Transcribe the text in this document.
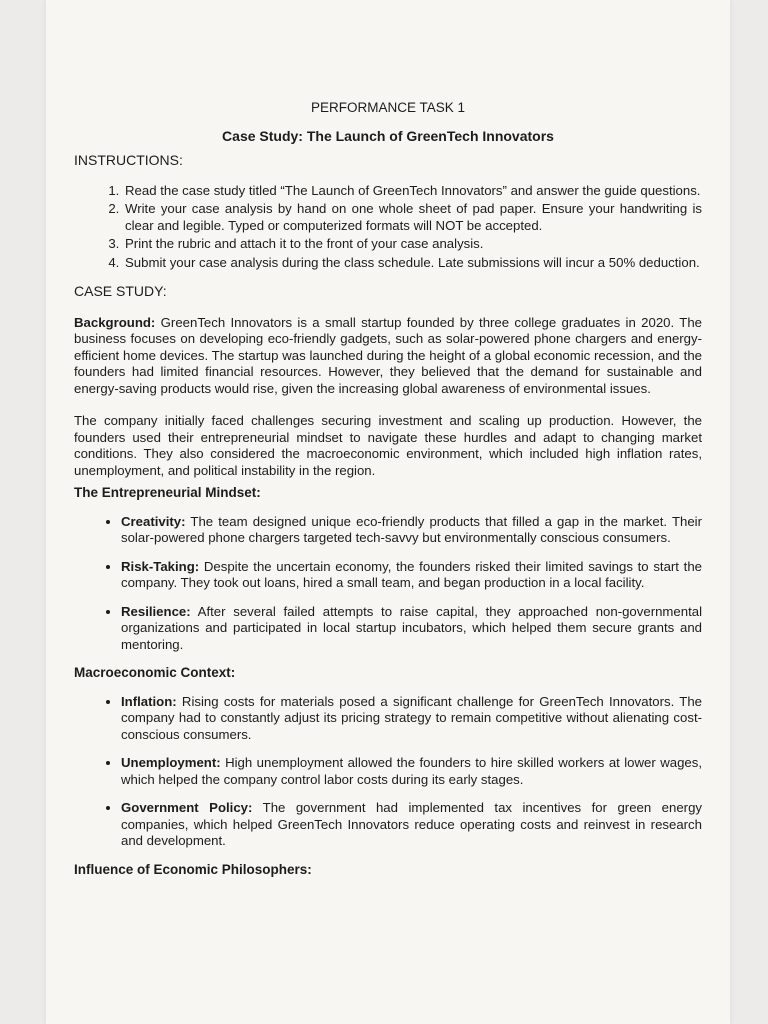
PERFORMANCE TASK 1
Case Study: The Launch of GreenTech Innovators
INSTRUCTIONS:
1. Read the case study titled “The Launch of GreenTech Innovators” and answer the guide questions.
2. Write your case analysis by hand on one whole sheet of pad paper. Ensure your handwriting is clear and legible. Typed or computerized formats will NOT be accepted.
3. Print the rubric and attach it to the front of your case analysis.
4. Submit your case analysis during the class schedule. Late submissions will incur a 50% deduction.
CASE STUDY:

Background: GreenTech Innovators is a small startup founded by three college graduates in 2020. The business focuses on developing eco-friendly gadgets, such as solar-powered phone chargers and energy-efficient home devices. The startup was launched during the height of a global economic recession, and the founders had limited financial resources. However, they believed that the demand for sustainable and energy-saving products would rise, given the increasing global awareness of environmental issues.

The company initially faced challenges securing investment and scaling up production. However, the founders used their entrepreneurial mindset to navigate these hurdles and adapt to changing market conditions. They also considered the macroeconomic environment, which included high inflation rates, unemployment, and political instability in the region.

The Entrepreneurial Mindset:
• Creativity: The team designed unique eco-friendly products that filled a gap in the market. Their solar-powered phone chargers targeted tech-savvy but environmentally conscious consumers.
• Risk-Taking: Despite the uncertain economy, the founders risked their limited savings to start the company. They took out loans, hired a small team, and began production in a local facility.
• Resilience: After several failed attempts to raise capital, they approached non-governmental organizations and participated in local startup incubators, which helped them secure grants and mentoring.
Macroeconomic Context:
• Inflation: Rising costs for materials posed a significant challenge for GreenTech Innovators. The company had to constantly adjust its pricing strategy to remain competitive without alienating cost-conscious consumers.
• Unemployment: High unemployment allowed the founders to hire skilled workers at lower wages, which helped the company control labor costs during its early stages.
• Government Policy: The government had implemented tax incentives for green energy companies, which helped GreenTech Innovators reduce operating costs and reinvest in research and development.
Influence of Economic Philosophers:
